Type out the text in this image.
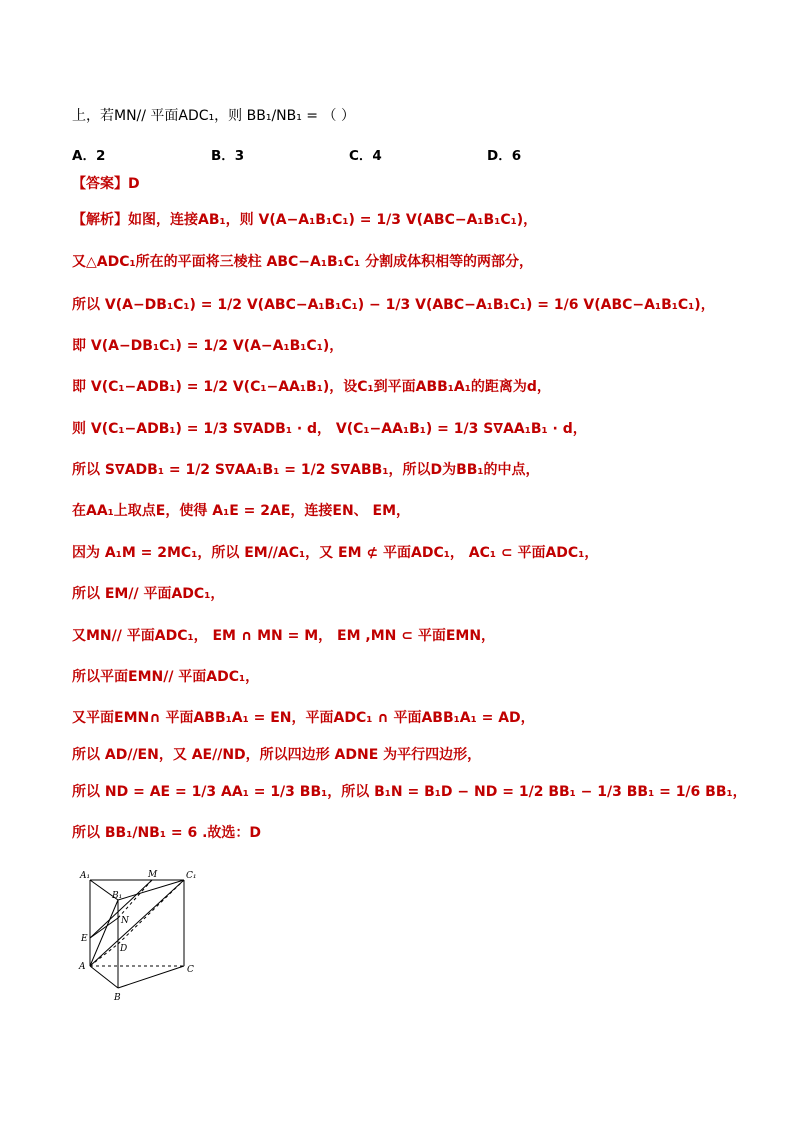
上，若MN// 平面ADC₁，则 BB₁/NB₁ = （ ）
A．2	B．3	C．4	D．6
【答案】D
【解析】如图，连接AB₁，则 V(A−A₁B₁C₁) = 1/3 V(ABC−A₁B₁C₁)，
又△ADC₁所在的平面将三棱柱 ABC−A₁B₁C₁ 分割成体积相等的两部分，
所以 V(A−DB₁C₁) = 1/2 V(ABC−A₁B₁C₁) − 1/3 V(ABC−A₁B₁C₁) = 1/6 V(ABC−A₁B₁C₁)，
即 V(A−DB₁C₁) = 1/2 V(A−A₁B₁C₁)，
即 V(C₁−ADB₁) = 1/2 V(C₁−AA₁B₁)，设C₁到平面ABB₁A₁的距离为d，
则 V(C₁−ADB₁) = 1/3 S∇ADB₁ · d， V(C₁−AA₁B₁) = 1/3 S∇AA₁B₁ · d，
所以 S∇ADB₁ = 1/2 S∇AA₁B₁ = 1/2 S∇ABB₁，所以D为BB₁的中点，
在AA₁上取点E，使得 A₁E = 2AE，连接EN、 EM，
因为 A₁M = 2MC₁，所以 EM//AC₁，又 EM ⊄ 平面ADC₁， AC₁ ⊂ 平面ADC₁，
所以 EM// 平面ADC₁，
又MN// 平面ADC₁， EM ∩ MN = M， EM ,MN ⊂ 平面EMN，
所以平面EMN// 平面ADC₁，
又平面EMN∩ 平面ABB₁A₁ = EN，平面ADC₁ ∩ 平面ABB₁A₁ = AD，
所以 AD//EN，又 AE//ND，所以四边形 ADNE 为平行四边形，
所以 ND = AE = 1/3 AA₁ = 1/3 BB₁，所以 B₁N = B₁D − ND = 1/2 BB₁ − 1/3 BB₁ = 1/6 BB₁，
所以 BB₁/NB₁ = 6 .故选：D
A₁	M	C₁
B₁
N
E
D
A	C
B
